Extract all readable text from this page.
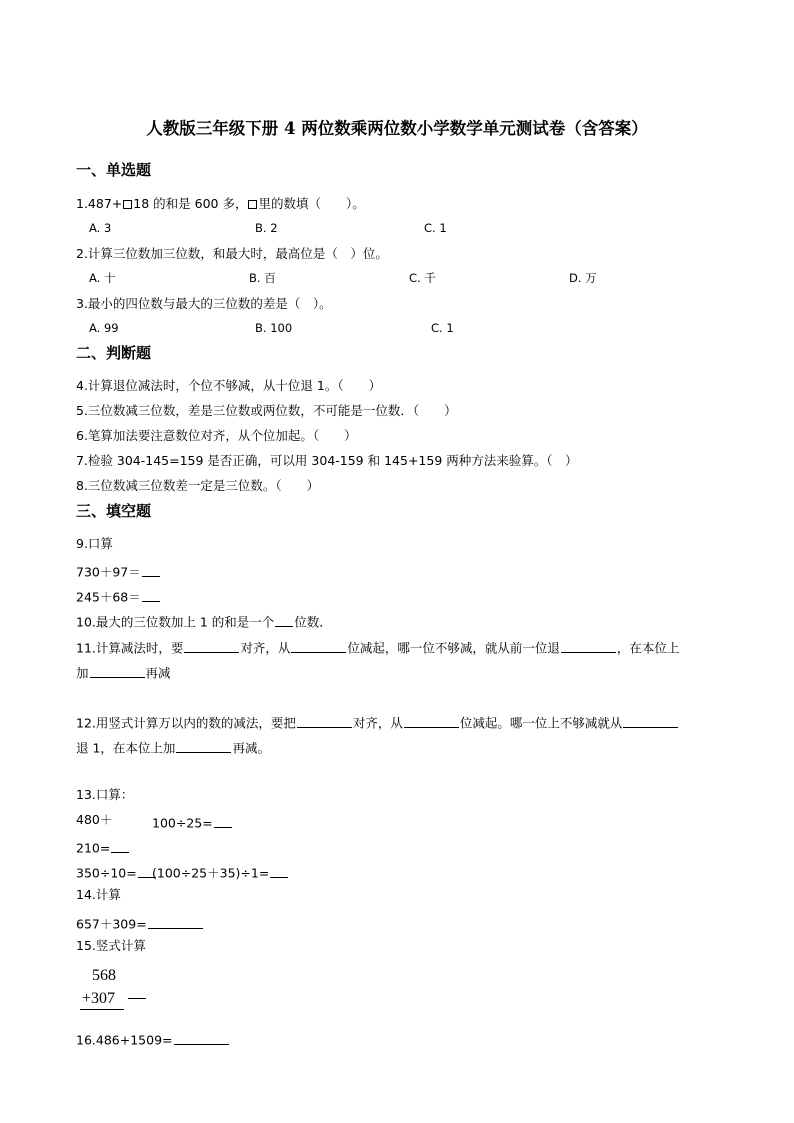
人教版三年级下册 4 两位数乘两位数小学数学单元测试卷（含答案）
一、单选题
1.487+ 18 的和是 600 多， 里的数填（　　）。
A. 3	B. 2	C. 1
2.计算三位数加三位数，和最大时，最高位是（　）位。
A. 十	B. 百	C. 千	D. 万
3.最小的四位数与最大的三位数的差是（　）。
A. 99	B. 100	C. 1
二、判断题
4.计算退位减法时，个位不够减，从十位退 1。（　　）
5.三位数减三位数，差是三位数或两位数，不可能是一位数．（　　）
6.笔算加法要注意数位对齐，从个位加起。（　　）
7.检验 304-145=159 是否正确，可以用 304-159 和 145+159 两种方法来验算。（　）
8.三位数减三位数差一定是三位数。（　　）
三、填空题
9.口算
730＋97＝
245＋68＝
10.最大的三位数加上 1 的和是一个 位数．
11.计算减法时，要	对齐，从	位减起，哪一位不够减，就从前一位退	，在本位上
加	再减
12.用竖式计算万以内的数的减法，要把	对齐，从	位减起。哪一位上不够减就从
退 1，在本位上加	再减。
13.口算：
480＋	100÷25=
210=
350÷10=	(100÷25＋35)÷1=
14.计算
657＋309=
15.竖式计算
568
+307
16.486+1509=
